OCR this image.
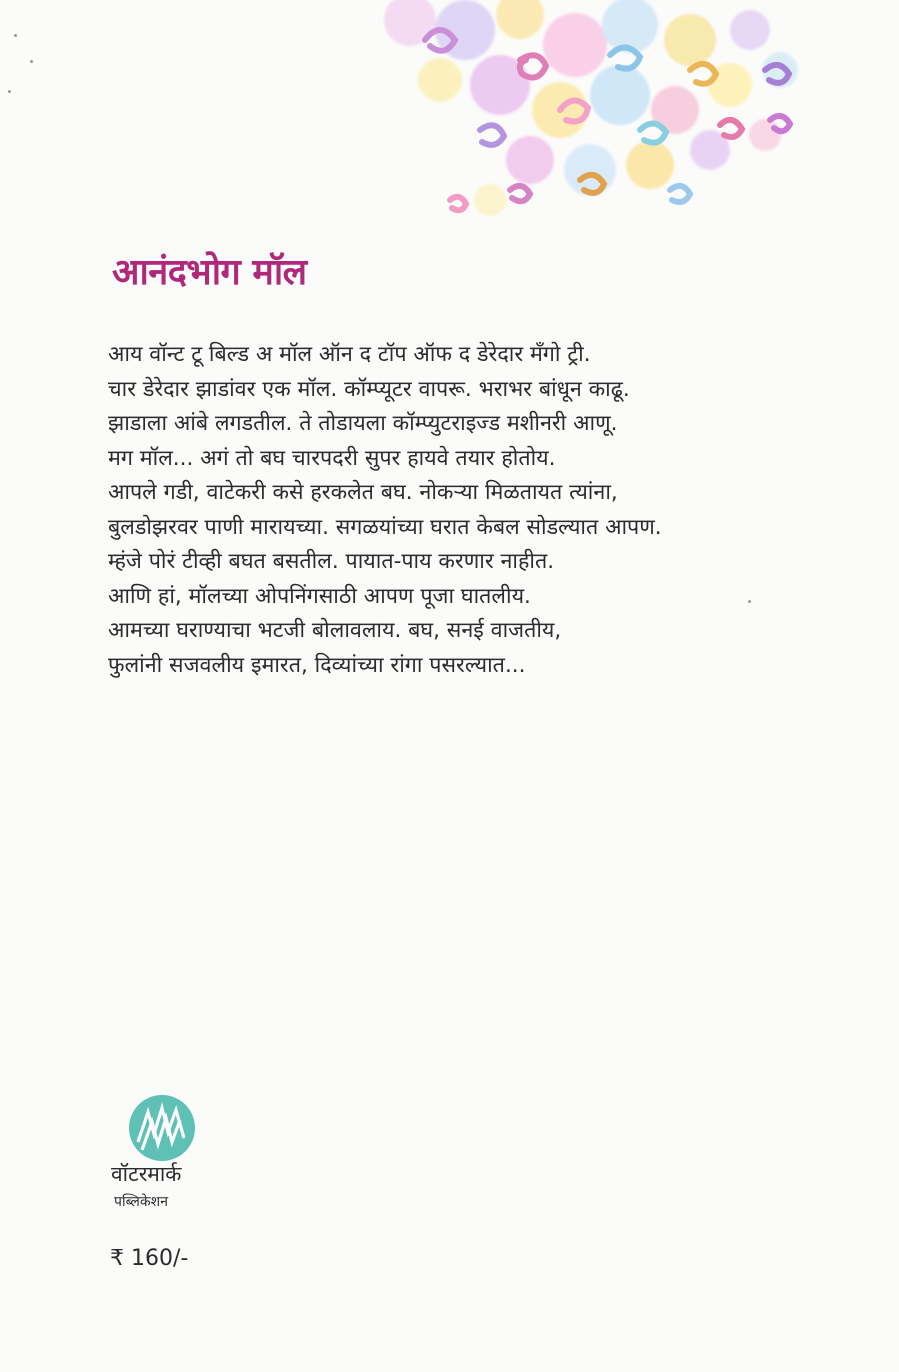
आनंदभोग मॉल
आय वॉन्ट टू बिल्ड अ मॉल ऑन द टॉप ऑफ द डेरेदार मँगो ट्री.
चार डेरेदार झाडांवर एक मॉल. कॉम्प्यूटर वापरू. भराभर बांधून काढू.
झाडाला आंबे लगडतील. ते तोडायला कॉम्प्युटराइज्ड मशीनरी आणू.
मग मॉल... अगं तो बघ चारपदरी सुपर हायवे तयार होतोय.
आपले गडी, वाटेकरी कसे हरकलेत बघ. नोकऱ्या मिळतायत त्यांना,
बुलडोझरवर पाणी मारायच्या. सगळयांच्या घरात केबल सोडल्यात आपण.
म्हंजे पोरं टीव्ही बघत बसतील. पायात-पाय करणार नाहीत.
आणि हां, मॉलच्या ओपनिंगसाठी आपण पूजा घातलीय.
आमच्या घराण्याचा भटजी बोलावलाय. बघ, सनई वाजतीय,
फुलांनी सजवलीय इमारत, दिव्यांच्या रांगा पसरल्यात...
वॉटरमार्क
पब्लिकेशन
₹ 160/-
